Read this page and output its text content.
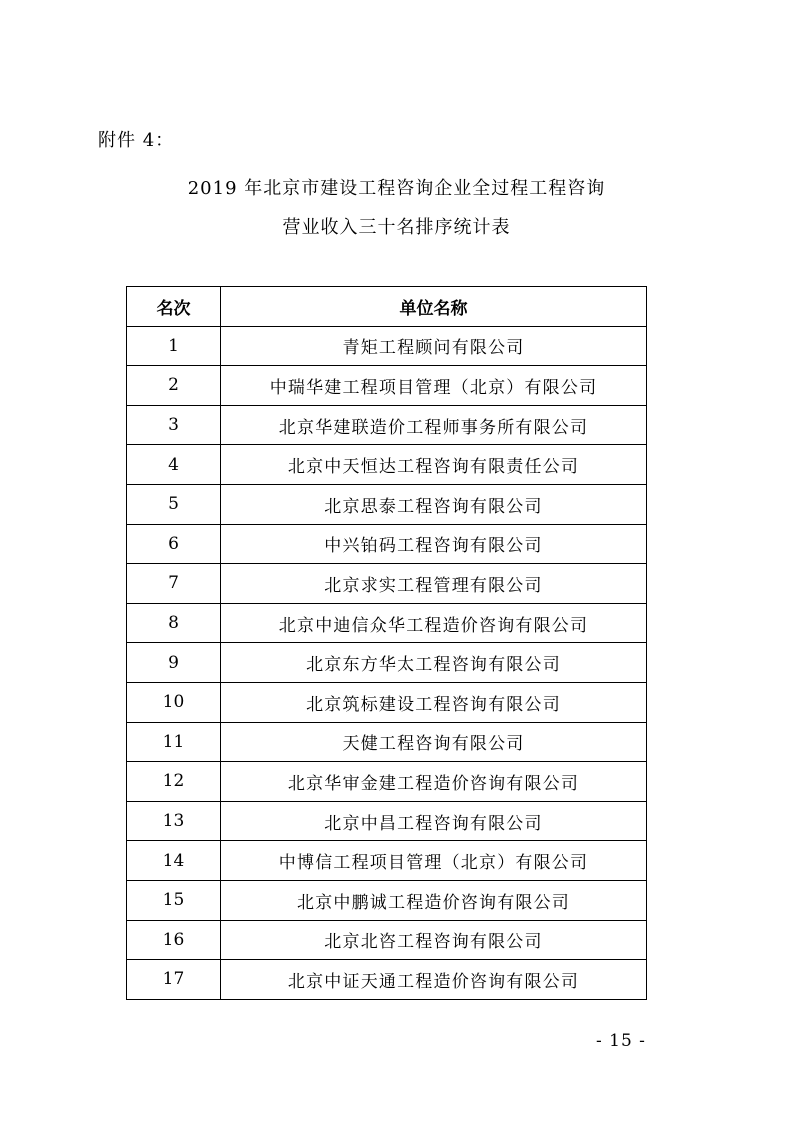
附件 4：
2019 年北京市建设工程咨询企业全过程工程咨询
营业收入三十名排序统计表
名次	单位名称
1	青矩工程顾问有限公司
2	中瑞华建工程项目管理（北京）有限公司
3	北京华建联造价工程师事务所有限公司
4	北京中天恒达工程咨询有限责任公司
5	北京思泰工程咨询有限公司
6	中兴铂码工程咨询有限公司
7	北京求实工程管理有限公司
8	北京中迪信众华工程造价咨询有限公司
9	北京东方华太工程咨询有限公司
10	北京筑标建设工程咨询有限公司
11	天健工程咨询有限公司
12	北京华审金建工程造价咨询有限公司
13	北京中昌工程咨询有限公司
14	中博信工程项目管理（北京）有限公司
15	北京中鹏诚工程造价咨询有限公司
16	北京北咨工程咨询有限公司
17	北京中证天通工程造价咨询有限公司
- 15 -
